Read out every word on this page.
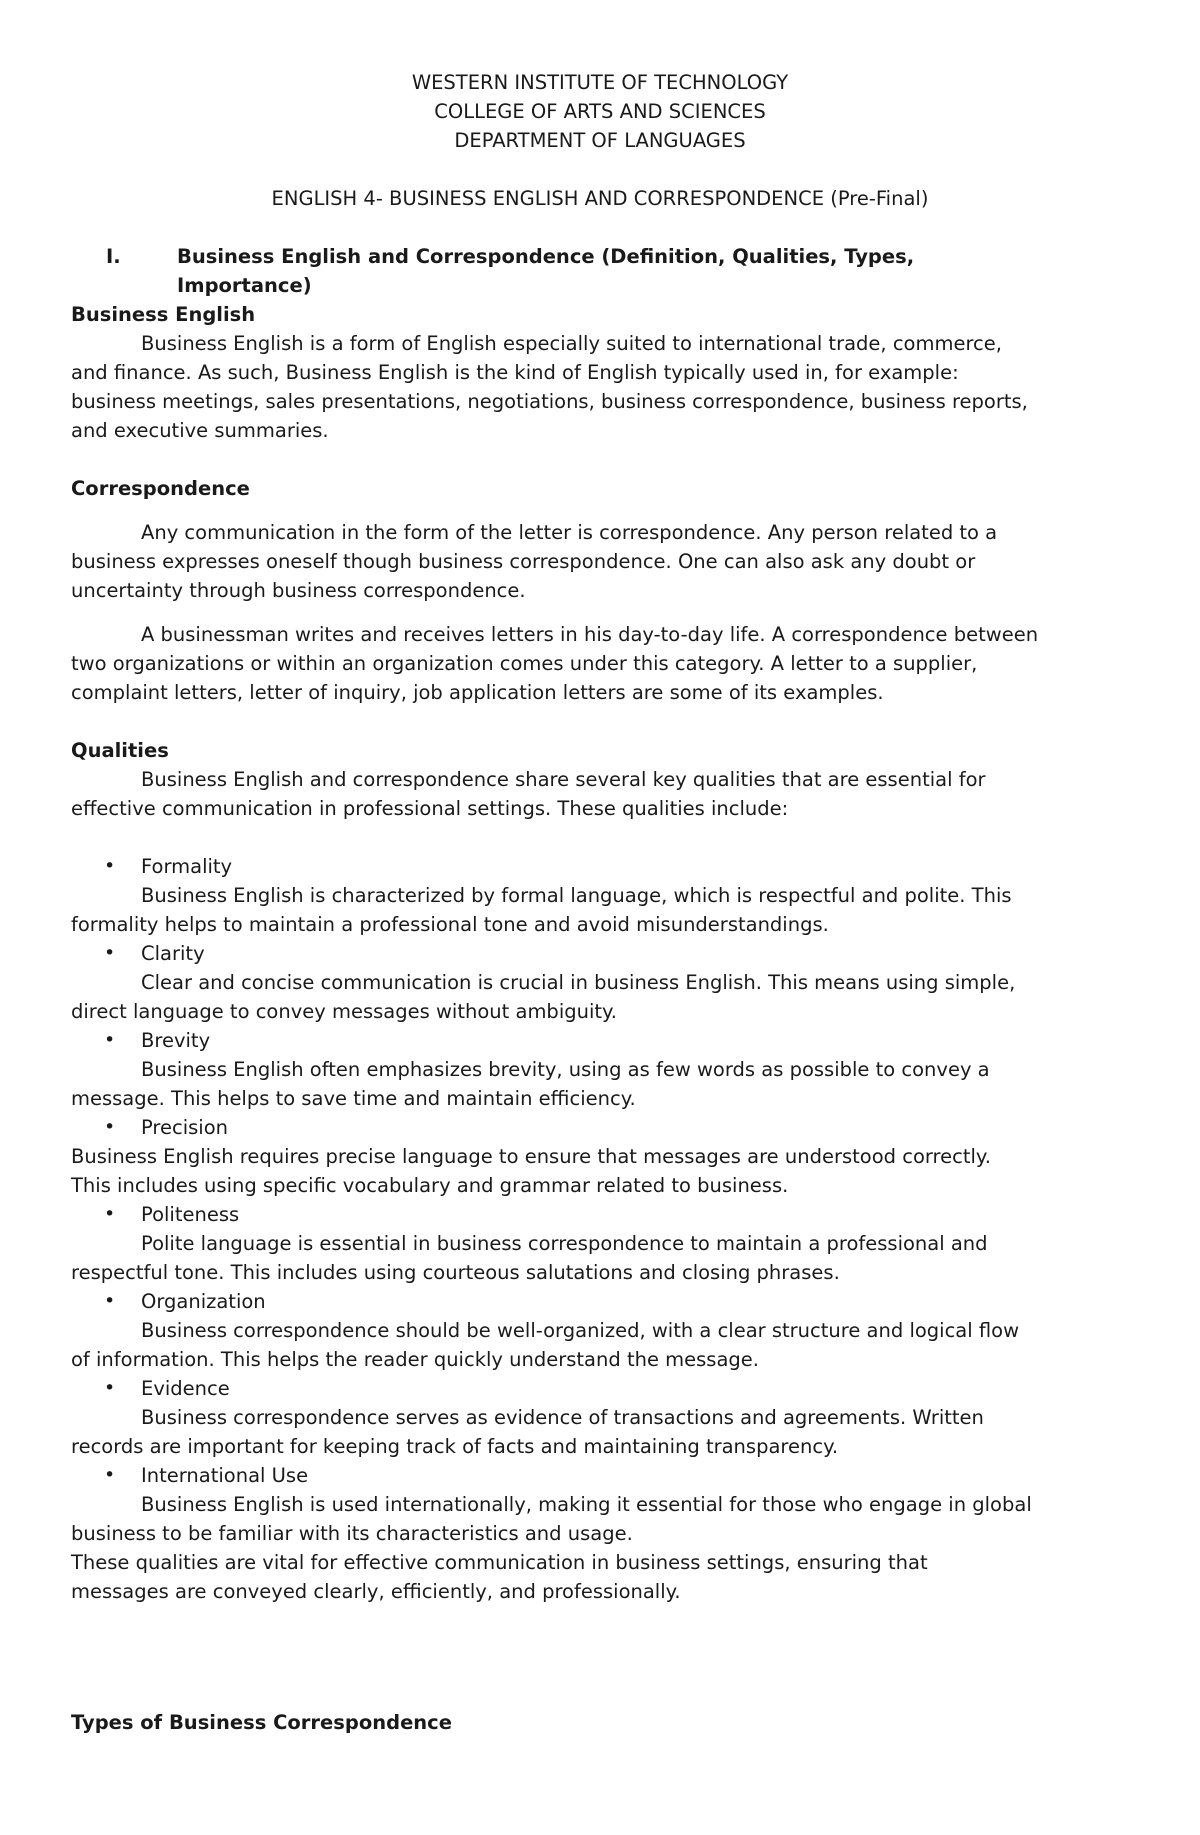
WESTERN INSTITUTE OF TECHNOLOGY

COLLEGE OF ARTS AND SCIENCES

DEPARTMENT OF LANGUAGES

ENGLISH 4- BUSINESS ENGLISH AND CORRESPONDENCE (Pre-Final)

I.	Business English and Correspondence (Definition, Qualities, Types,

Importance)

Business English

Business English is a form of English especially suited to international trade, commerce,

and finance. As such, Business English is the kind of English typically used in, for example:

business meetings, sales presentations, negotiations, business correspondence, business reports,

and executive summaries.

Correspondence

Any communication in the form of the letter is correspondence. Any person related to a

business expresses oneself though business correspondence. One can also ask any doubt or

uncertainty through business correspondence.

A businessman writes and receives letters in his day-to-day life. A correspondence between

two organizations or within an organization comes under this category. A letter to a supplier,

complaint letters, letter of inquiry, job application letters are some of its examples.

Qualities

Business English and correspondence share several key qualities that are essential for

effective communication in professional settings. These qualities include:

• Formality

Business English is characterized by formal language, which is respectful and polite. This

formality helps to maintain a professional tone and avoid misunderstandings.

• Clarity

Clear and concise communication is crucial in business English. This means using simple,

direct language to convey messages without ambiguity.

• Brevity

Business English often emphasizes brevity, using as few words as possible to convey a

message. This helps to save time and maintain efficiency.

• Precision

Business English requires precise language to ensure that messages are understood correctly.

This includes using specific vocabulary and grammar related to business.

• Politeness

Polite language is essential in business correspondence to maintain a professional and

respectful tone. This includes using courteous salutations and closing phrases.

• Organization

Business correspondence should be well-organized, with a clear structure and logical flow

of information. This helps the reader quickly understand the message.

• Evidence

Business correspondence serves as evidence of transactions and agreements. Written

records are important for keeping track of facts and maintaining transparency.

• International Use

Business English is used internationally, making it essential for those who engage in global

business to be familiar with its characteristics and usage.

These qualities are vital for effective communication in business settings, ensuring that

messages are conveyed clearly, efficiently, and professionally.

Types of Business Correspondence
